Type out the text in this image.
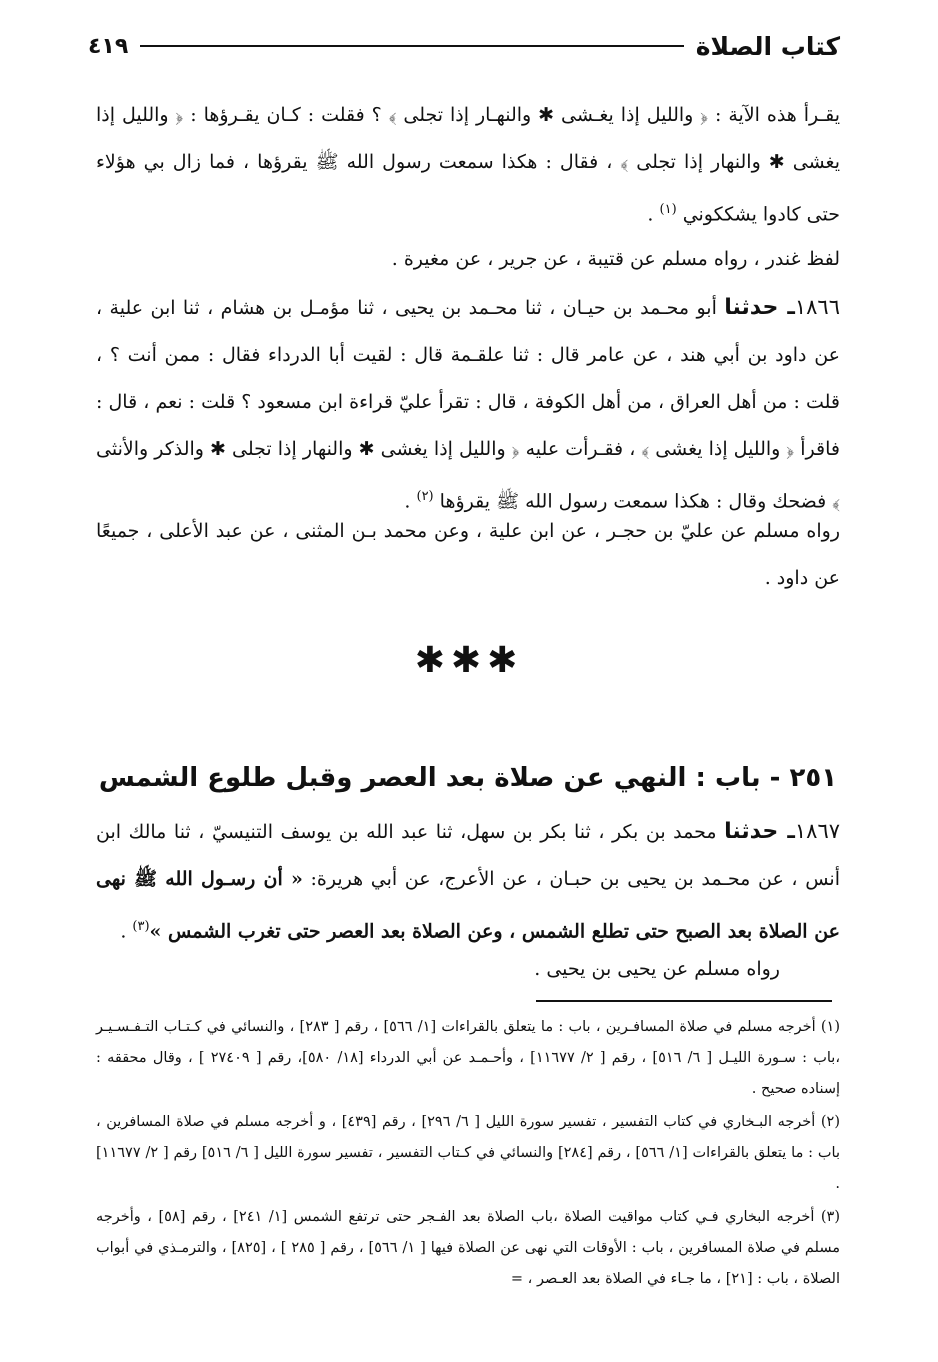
كتاب الصلاة
٤١٩

يقـرأ هذه الآية : ﴿ والليل إذا يغـشى ✱ والنهـار إذا تجلى ﴾ ؟ فقلت : كـان يقـرؤها : ﴿ والليل إذا يغشى ✱ والنهار إذا تجلى ﴾ ، فقال : هكذا سمعت رسول الله ﷺ يقرؤها ، فما زال بي هؤلاء حتى كادوا يشككوني $^{(١)}$ .

لفظ غندر ، رواه مسلم عن قتيبة ، عن جرير ، عن مغيرة .

١٨٦٦ـ حدثنا أبو محـمد بن حيـان ، ثنا محـمد بن يحيى ، ثنا مؤمـل بن هشام ، ثنا ابن علية ، عن داود بن أبي هند ، عن عامر قال : ثنا علقـمة قال : لقيت أبا الدرداء فقال : ممن أنت ؟ ، قلت : من أهل العراق ، من أهل الكوفة ، قال : تقرأ عليّ قراءة ابن مسعود ؟ قلت : نعم ، قال : فاقرأ ﴿ والليل إذا يغشى ﴾ ، فقـرأت عليه ﴿ والليل إذا يغشى ✱ والنهار إذا تجلى ✱ والذكر والأنثى ﴾ فضحك وقال : هكذا سمعت رسول الله ﷺ يقرؤها $^{(٢)}$ .

رواه مسلم عن عليّ بن حجـر ، عن ابن علية ، وعن محمد بـن المثنى ، عن عبد الأعلى ، جميعًا عن داود .

✱✱✱
٢٥١ - باب : النهي عن صلاة بعد العصر وقبل طلوع الشمس

١٨٦٧ـ حدثنا محمد بن بكر ، ثنا بكر بن سهل، ثنا عبد الله بن يوسف التنيسيّ ، ثنا مالك ابن أنس ، عن محـمد بن يحيى بن حبـان ، عن الأعرج، عن أبي هريرة: « أن رسـول الله ﷺ نهى عن الصلاة بعد الصبح حتى تطلع الشمس ، وعن الصلاة بعد العصر حتى تغرب الشمس »$^{(٣)}$ .

رواه مسلم عن يحيى بن يحيى .

(١) أخرجه مسلم في صلاة المسافـرين ، باب : ما يتعلق بالقراءات [١/ ٥٦٦] ، رقم [ ٢٨٣] ، والنسائي في كـتـاب التـفـسـيـر ،باب : سـورة الليـل [ ٦/ ٥١٦] ، رقم [ ٢/ ١١٦٧٧] ، وأحـمـد عن أبي الدرداء [١٨/ ٥٨٠]، رقم [ ٢٧٤٠٩ ] ، وقال محققه : إسناده صحيح .

(٢) أخرجه البـخاري في كتاب التفسير ، تفسير سورة الليل [ ٦/ ٢٩٦] ، رقم [٤٣٩] ، و أخرجه مسلم في صلاة المسافرين ، باب : ما يتعلق بالقراءات [١/ ٥٦٦] ، رقم [٢٨٤] والنسائي في كـتاب التفسير ، تفسير سورة الليل [ ٦/ ٥١٦] رقم [ ٢/ ١١٦٧٧] .

(٣) أخرجه البخاري فـي كتاب مواقيت الصلاة ،باب الصلاة بعد الفـجر حتى ترتفع الشمس [١/ ٢٤١] ، رقم [٥٨] ، وأخرجه مسلم في صلاة المسافرين ، باب : الأوقات التي نهى عن الصلاة فيها [ ١/ ٥٦٦] ، رقم [ ٢٨٥ ] ، [٨٢٥] ، والترمـذي في أبواب الصلاة ، باب : [٢١] ، ما جـاء في الصلاة بعد العـصر ، =
